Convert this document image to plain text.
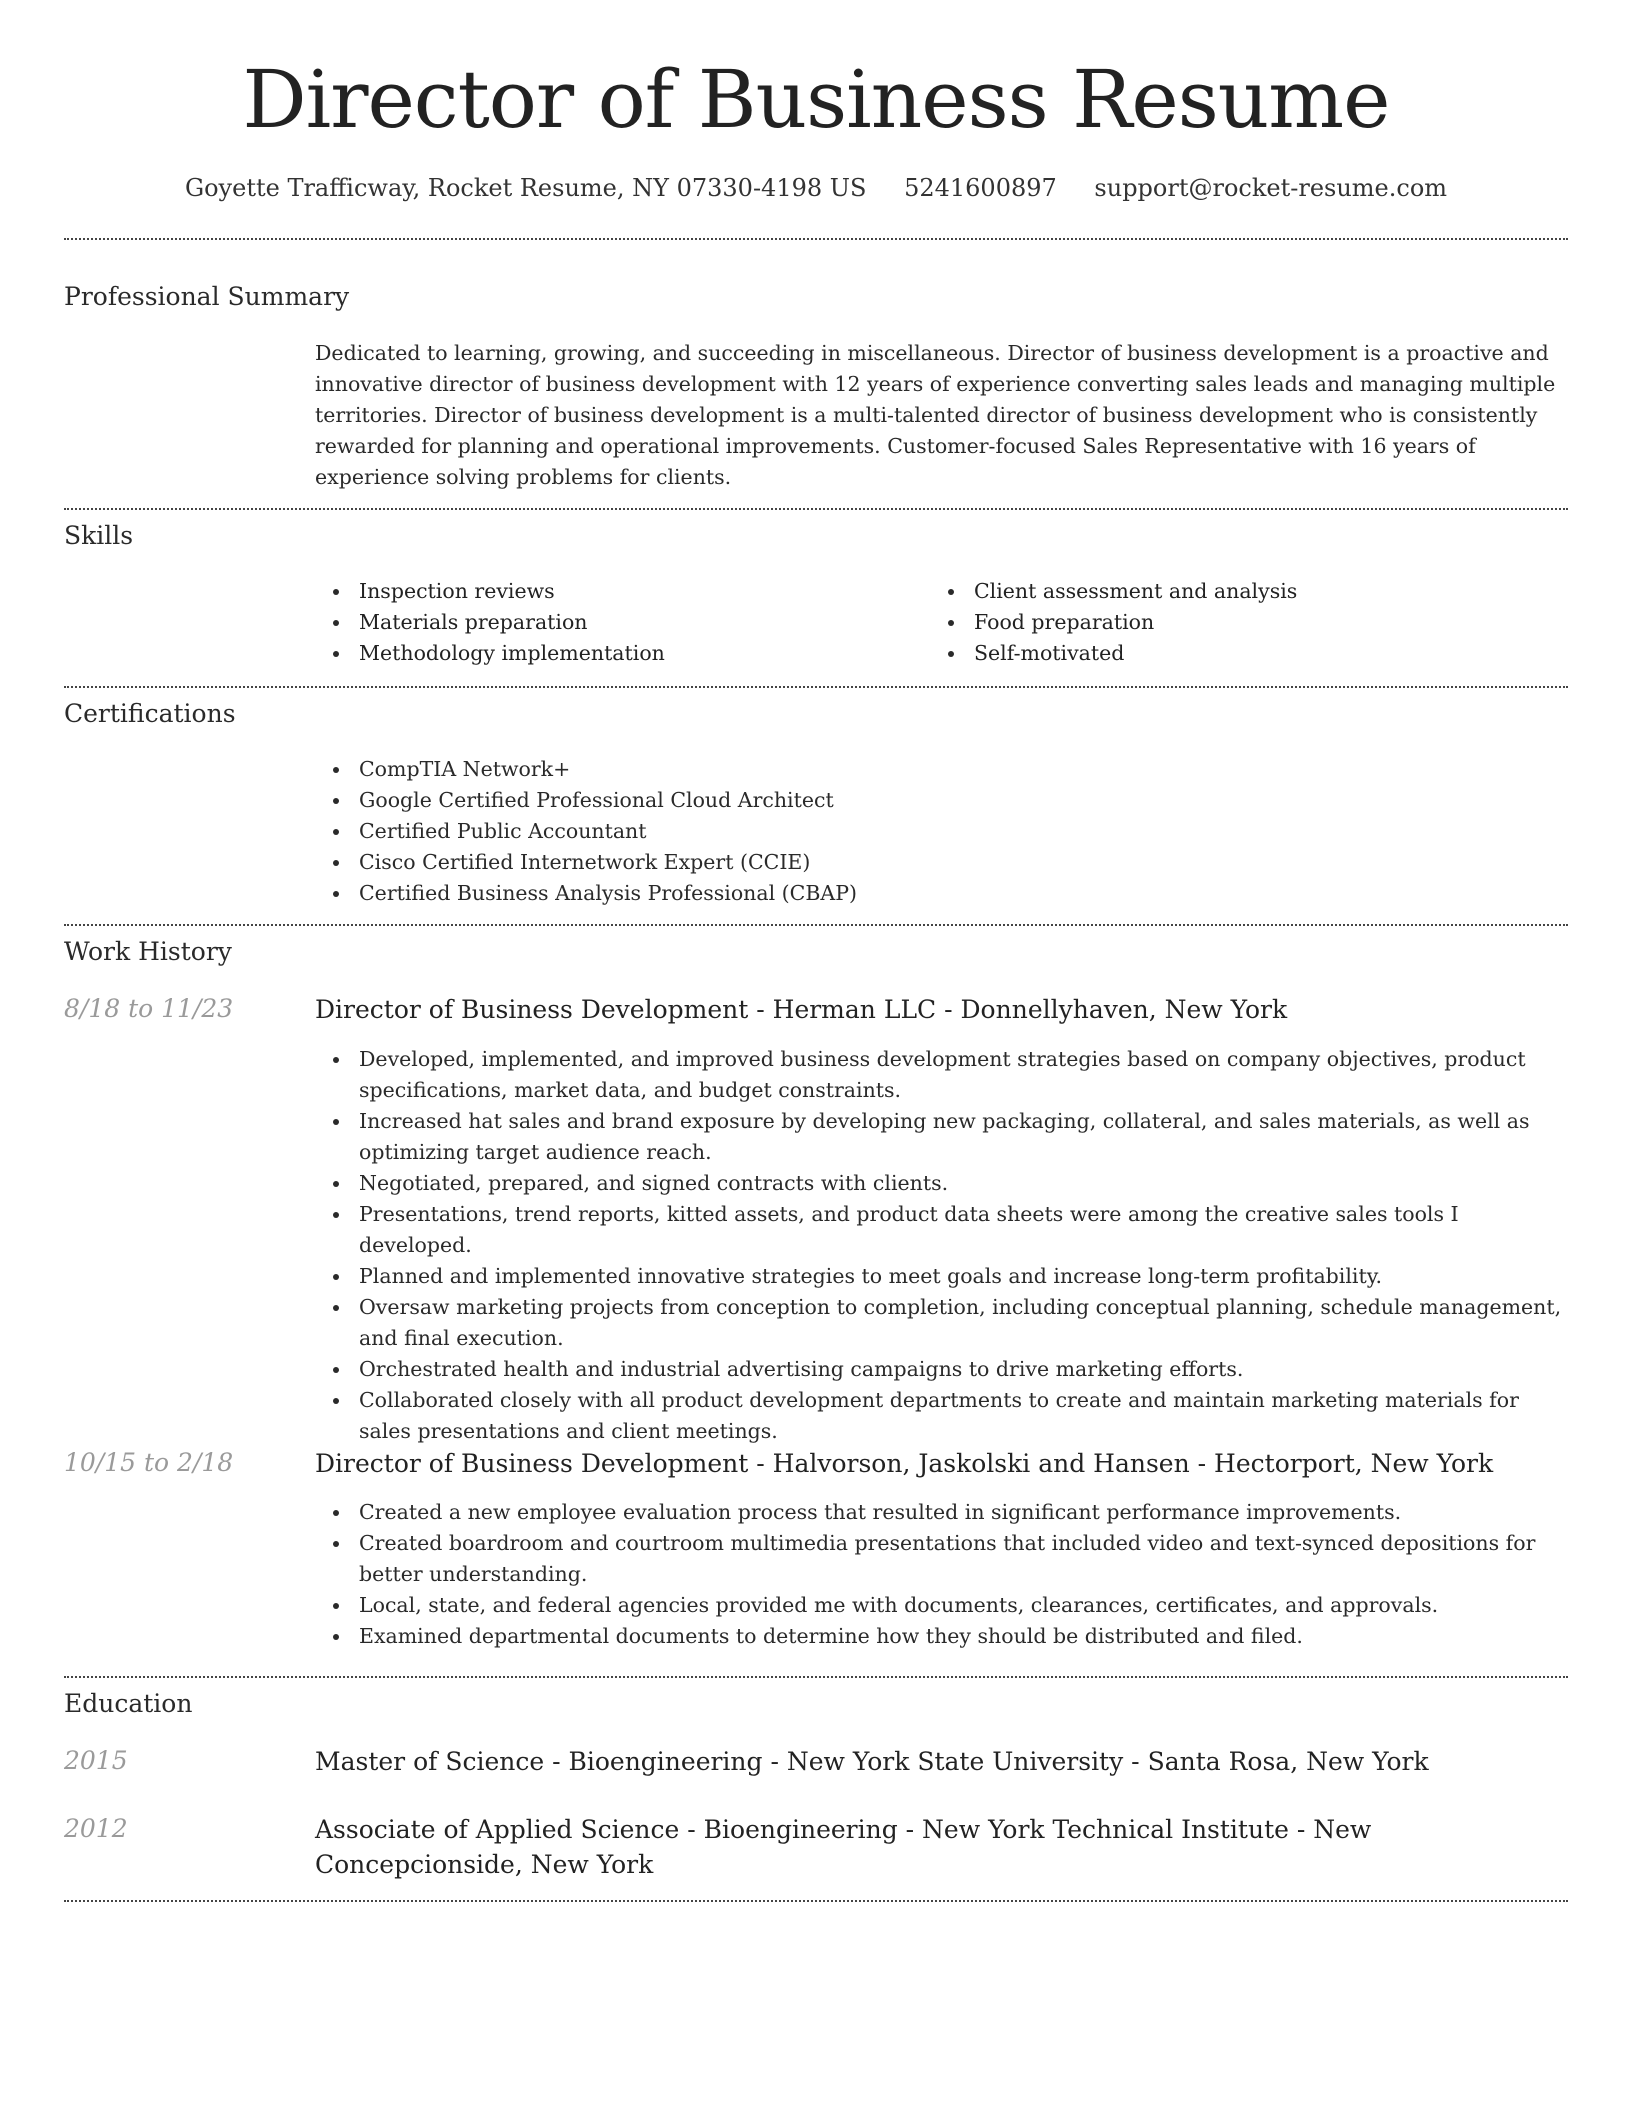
Director of Business Resume
Goyette Trafficway, Rocket Resume, NY 07330-4198 US 5241600897 support@rocket-resume.com
Professional Summary
Dedicated to learning, growing, and succeeding in miscellaneous. Director of business development is a proactive and innovative director of business development with 12 years of experience converting sales leads and managing multiple territories. Director of business development is a multi-talented director of business development who is consistently rewarded for planning and operational improvements. Customer-focused Sales Representative with 16 years of experience solving problems for clients.
Skills
Inspection reviews
Materials preparation
Methodology implementation
Client assessment and analysis
Food preparation
Self-motivated
Certifications
CompTIA Network+
Google Certified Professional Cloud Architect
Certified Public Accountant
Cisco Certified Internetwork Expert (CCIE)
Certified Business Analysis Professional (CBAP)
Work History
8/18 to 11/23	Director of Business Development - Herman LLC - Donnellyhaven, New York
Developed, implemented, and improved business development strategies based on company objectives, product specifications, market data, and budget constraints.
Increased hat sales and brand exposure by developing new packaging, collateral, and sales materials, as well as optimizing target audience reach.
Negotiated, prepared, and signed contracts with clients.
Presentations, trend reports, kitted assets, and product data sheets were among the creative sales tools I developed.
Planned and implemented innovative strategies to meet goals and increase long-term profitability.
Oversaw marketing projects from conception to completion, including conceptual planning, schedule management, and final execution.
Orchestrated health and industrial advertising campaigns to drive marketing efforts.
Collaborated closely with all product development departments to create and maintain marketing materials for sales presentations and client meetings.
10/15 to 2/18	Director of Business Development - Halvorson, Jaskolski and Hansen - Hectorport, New York
Created a new employee evaluation process that resulted in significant performance improvements.
Created boardroom and courtroom multimedia presentations that included video and text-synced depositions for better understanding.
Local, state, and federal agencies provided me with documents, clearances, certificates, and approvals.
Examined departmental documents to determine how they should be distributed and filed.
Education
2015	Master of Science - Bioengineering - New York State University - Santa Rosa, New York
2012	Associate of Applied Science - Bioengineering - New York Technical Institute - New Concepcionside, New York
